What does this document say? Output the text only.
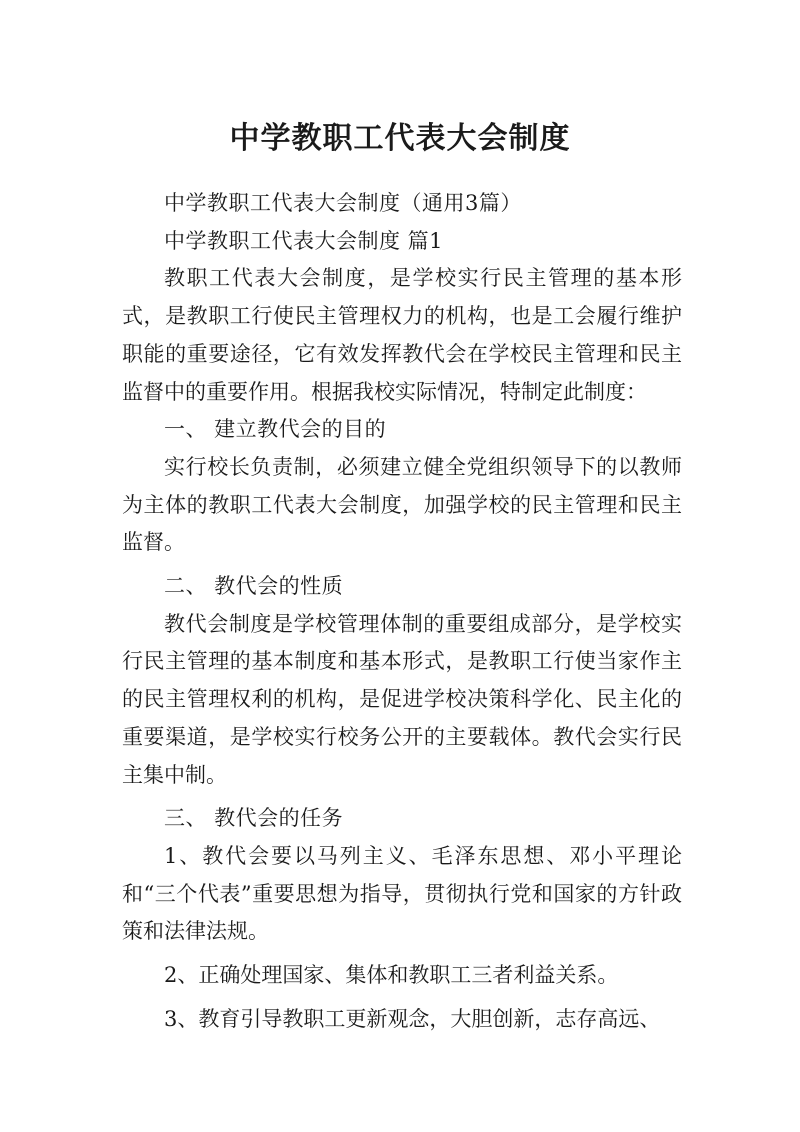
中学教职工代表大会制度

中学教职工代表大会制度（通用3篇）

中学教职工代表大会制度 篇1

教职工代表大会制度，是学校实行民主管理的基本形式，是教职工行使民主管理权力的机构，也是工会履行维护职能的重要途径，它有效发挥教代会在学校民主管理和民主监督中的重要作用。根据我校实际情况，特制定此制度：

一、 建立教代会的目的

实行校长负责制，必须建立健全党组织领导下的以教师为主体的教职工代表大会制度，加强学校的民主管理和民主监督。

二、 教代会的性质

教代会制度是学校管理体制的重要组成部分，是学校实行民主管理的基本制度和基本形式，是教职工行使当家作主的民主管理权利的机构，是促进学校决策科学化、民主化的重要渠道，是学校实行校务公开的主要载体。教代会实行民主集中制。

三、 教代会的任务

1、教代会要以马列主义、毛泽东思想、邓小平理论和“三个代表”重要思想为指导，贯彻执行党和国家的方针政策和法律法规。

2、正确处理国家、集体和教职工三者利益关系。

3、教育引导教职工更新观念，大胆创新，志存高远、
